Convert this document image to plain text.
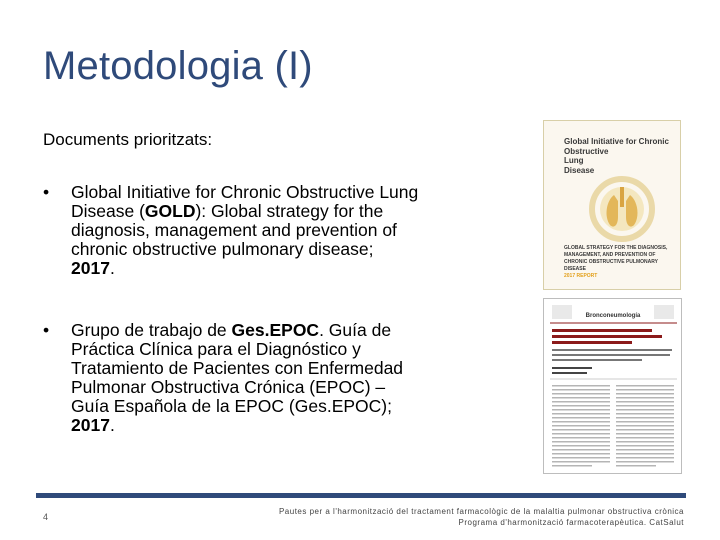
Metodologia (I)
Documents prioritzats:
• Global Initiative for Chronic Obstructive Lung
Disease (GOLD): Global strategy for the
diagnosis, management and prevention of
chronic obstructive pulmonary disease;
2017.
• Grupo de trabajo de Ges.EPOC. Guía de
Práctica Clínica para el Diagnóstico y
Tratamiento de Pacientes con Enfermedad
Pulmonar Obstructiva Crónica (EPOC) –
Guía Española de la EPOC (Ges.EPOC);
2017.
Global Initiative for Chronic
Obstructive
Lung
Disease
GLOBAL STRATEGY FOR THE DIAGNOSIS,
MANAGEMENT, AND PREVENTION OF
CHRONIC OBSTRUCTIVE PULMONARY DISEASE
2017 REPORT
Bronconeumología
4
Pautes per a l'harmonització del tractament farmacològic de la malaltia pulmonar obstructiva crònica
Programa d'harmonització farmacoterapèutica. CatSalut
